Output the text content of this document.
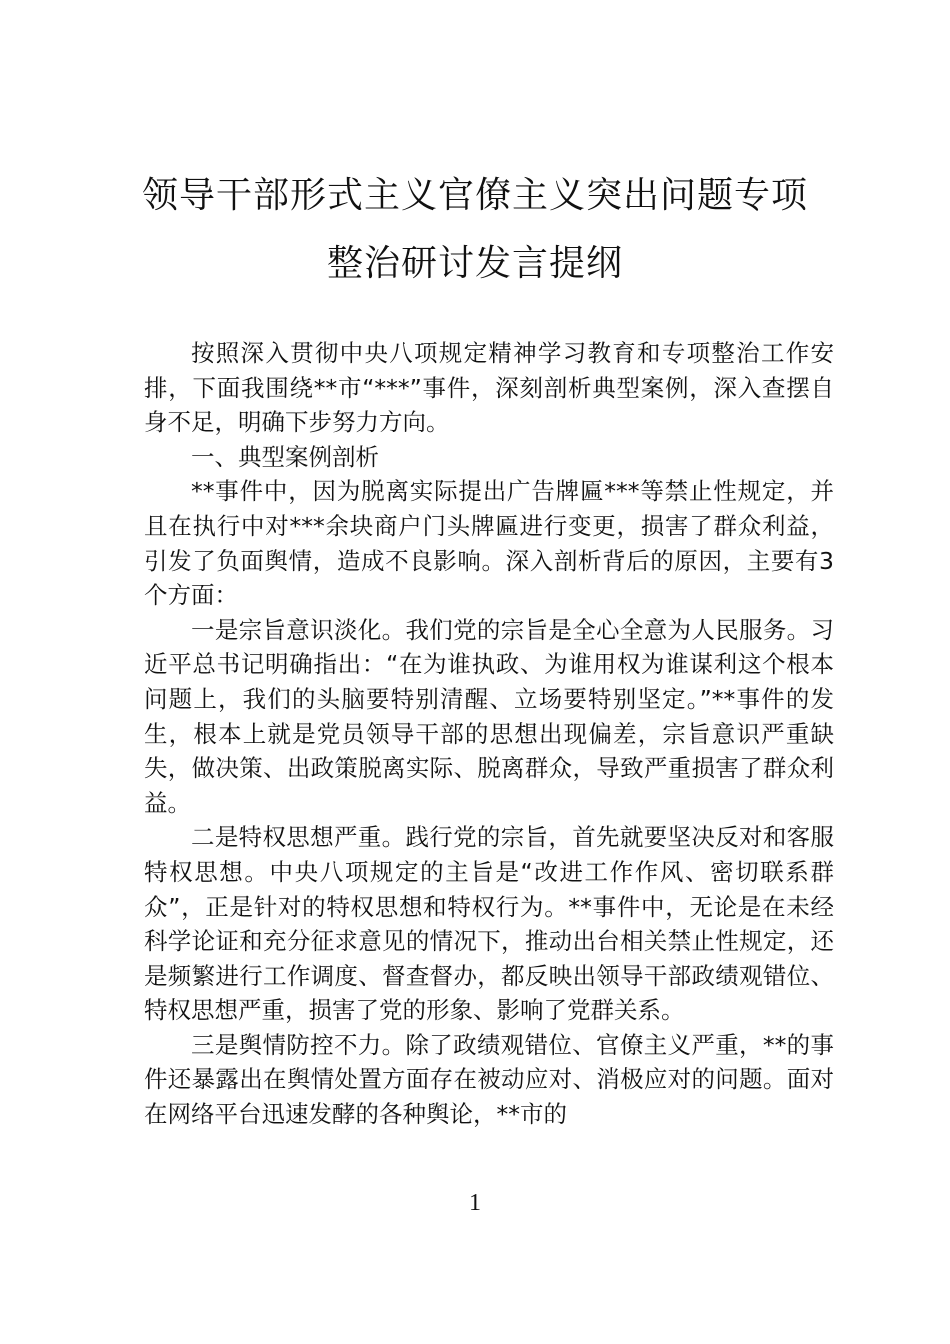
领导干部形式主义官僚主义突出问题专项
整治研讨发言提纲

按照深入贯彻中央八项规定精神学习教育和专项整治工作安排，下面我围绕**市“***”事件，深刻剖析典型案例，深入查摆自身不足，明确下步努力方向。

一、典型案例剖析

**事件中，因为脱离实际提出广告牌匾***等禁止性规定，并且在执行中对***余块商户门头牌匾进行变更，损害了群众利益，引发了负面舆情，造成不良影响。深入剖析背后的原因，主要有3个方面：

一是宗旨意识淡化。我们党的宗旨是全心全意为人民服务。习近平总书记明确指出：“在为谁执政、为谁用权为谁谋利这个根本问题上，我们的头脑要特别清醒、立场要特别坚定。”**事件的发生，根本上就是党员领导干部的思想出现偏差，宗旨意识严重缺失，做决策、出政策脱离实际、脱离群众，导致严重损害了群众利益。

二是特权思想严重。践行党的宗旨，首先就要坚决反对和客服特权思想。中央八项规定的主旨是“改进工作作风、密切联系群众”，正是针对的特权思想和特权行为。**事件中，无论是在未经科学论证和充分征求意见的情况下，推动出台相关禁止性规定，还是频繁进行工作调度、督查督办，都反映出领导干部政绩观错位、特权思想严重，损害了党的形象、影响了党群关系。

三是舆情防控不力。除了政绩观错位、官僚主义严重，**的事件还暴露出在舆情处置方面存在被动应对、消极应对的问题。面对在网络平台迅速发酵的各种舆论，**市的

1
